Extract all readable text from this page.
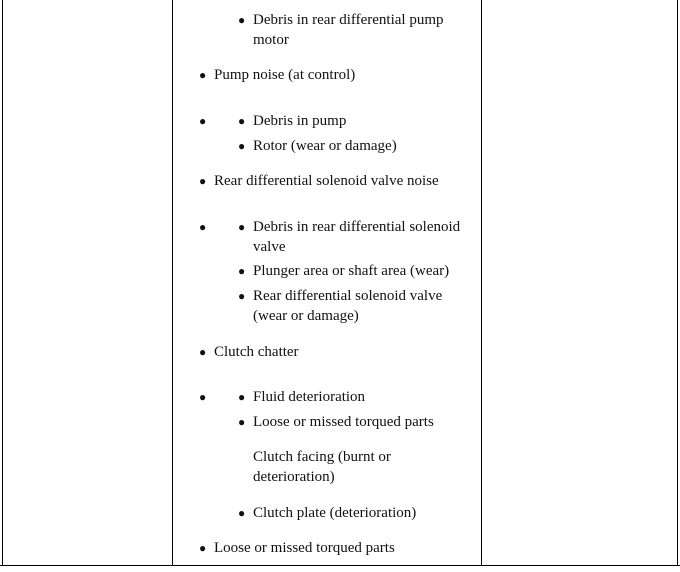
● Debris in rear differential pump
motor
● Pump noise (at control)
● Debris in pump
● Rotor (wear or damage)
● Rear differential solenoid valve noise
● Debris in rear differential solenoid
valve
● Plunger area or shaft area (wear)
● Rear differential solenoid valve
(wear or damage)
● Clutch chatter
● Fluid deterioration
● Loose or missed torqued parts
Clutch facing (burnt or
deterioration)
● Clutch plate (deterioration)
● Loose or missed torqued parts
●
●
●
